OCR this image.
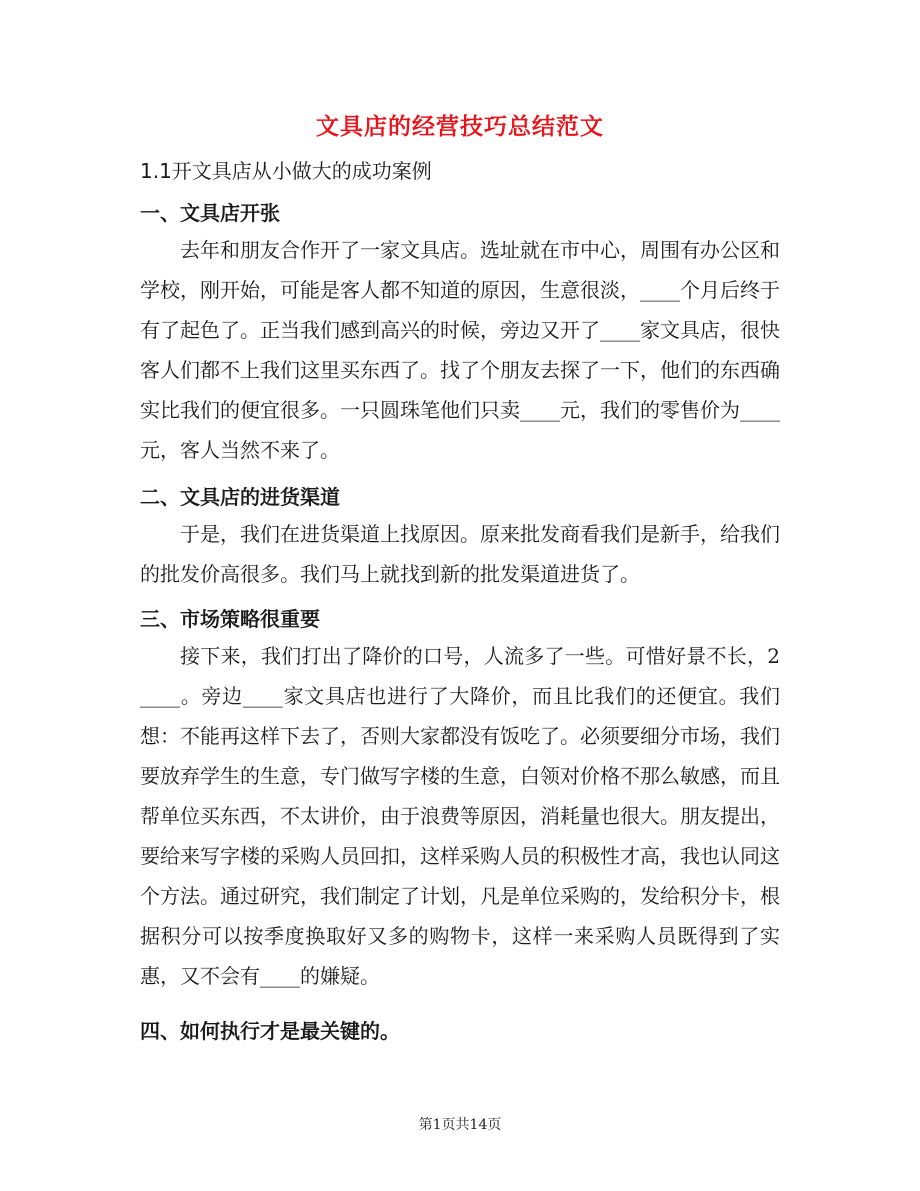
文具店的经营技巧总结范文
1.1开文具店从小做大的成功案例
一、文具店开张
去年和朋友合作开了一家文具店。选址就在市中心，周围有办公区和学校，刚开始，可能是客人都不知道的原因，生意很淡，____个月后终于有了起色了。正当我们感到高兴的时候，旁边又开了____家文具店，很快客人们都不上我们这里买东西了。找了个朋友去探了一下，他们的东西确实比我们的便宜很多。一只圆珠笔他们只卖____元，我们的零售价为____元，客人当然不来了。
二、文具店的进货渠道
于是，我们在进货渠道上找原因。原来批发商看我们是新手，给我们的批发价高很多。我们马上就找到新的批发渠道进货了。
三、市场策略很重要
接下来，我们打出了降价的口号，人流多了一些。可惜好景不长，2____。旁边____家文具店也进行了大降价，而且比我们的还便宜。我们想：不能再这样下去了，否则大家都没有饭吃了。必须要细分市场，我们要放弃学生的生意，专门做写字楼的生意，白领对价格不那么敏感，而且帮单位买东西，不太讲价，由于浪费等原因，消耗量也很大。朋友提出，要给来写字楼的采购人员回扣，这样采购人员的积极性才高，我也认同这个方法。通过研究，我们制定了计划，凡是单位采购的，发给积分卡，根据积分可以按季度换取好又多的购物卡，这样一来采购人员既得到了实惠，又不会有____的嫌疑。
四、如何执行才是最关键的。
第1页共14页
